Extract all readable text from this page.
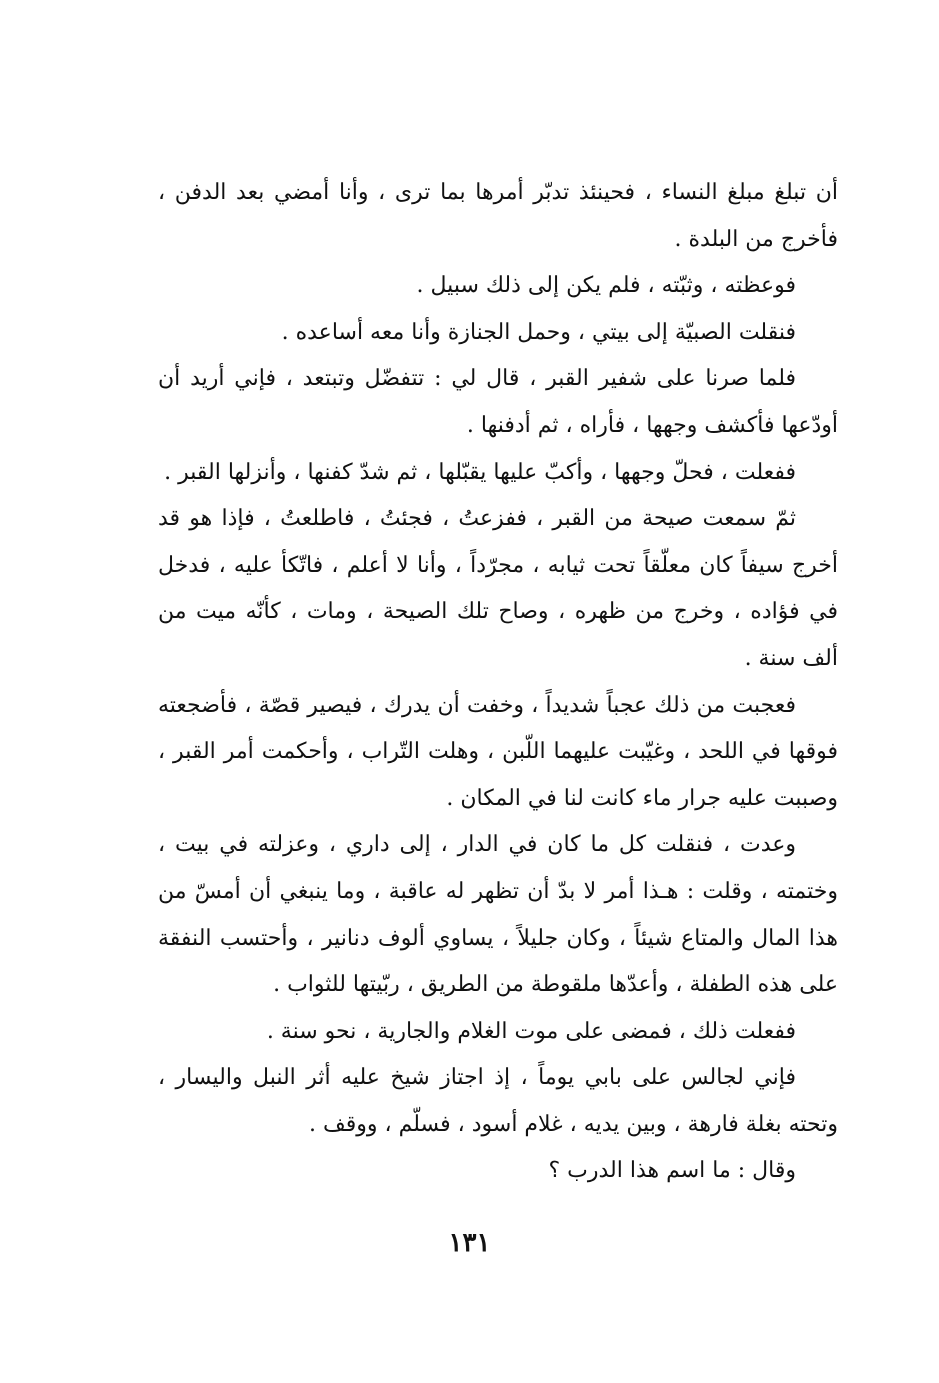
أن تبلغ مبلغ النساء ، فحينئذ تدبّر أمرها بما ترى ، وأنا أمضي بعد الدفن ، فأخرج من البلدة .

فوعظته ، وثبّته ، فلم يكن إلى ذلك سبيل .

فنقلت الصبيّة إلى بيتي ، وحمل الجنازة وأنا معه أساعده .

فلما صرنا على شفير القبر ، قال لي : تتفضّل وتبتعد ، فإني أريد أن أودّعها فأكشف وجهها ، فأراه ، ثم أدفنها .

ففعلت ، فحلّ وجهها ، وأكبّ عليها يقبّلها ، ثم شدّ كفنها ، وأنزلها القبر .

ثمّ سمعت صيحة من القبر ، ففزعتُ ، فجئتُ ، فاطلعتُ ، فإذا هو قد أخرج سيفاً كان معلّقاً تحت ثيابه ، مجرّداً ، وأنا لا أعلم ، فاتّكأ عليه ، فدخل في فؤاده ، وخرج من ظهره ، وصاح تلك الصيحة ، ومات ، كأنّه ميت من ألف سنة .

فعجبت من ذلك عجباً شديداً ، وخفت أن يدرك ، فيصير قصّة ، فأضجعته فوقها في اللحد ، وغيّبت عليهما اللّبن ، وهلت التّراب ، وأحكمت أمر القبر ، وصببت عليه جرار ماء كانت لنا في المكان .

وعدت ، فنقلت كل ما كان في الدار ، إلى داري ، وعزلته في بيت ، وختمته ، وقلت : هـذا أمر لا بدّ أن تظهر له عاقبة ، وما ينبغي أن أمسّ من هذا المال والمتاع شيئاً ، وكان جليلاً ، يساوي ألوف دنانير ، وأحتسب النفقة على هذه الطفلة ، وأعدّها ملقوطة من الطريق ، ربّيتها للثواب .

ففعلت ذلك ، فمضى على موت الغلام والجارية ، نحو سنة .

فإني لجالس على بابي يوماً ، إذ اجتاز شيخ عليه أثر النبل واليسار ، وتحته بغلة فارهة ، وبين يديه ، غلام أسود ، فسلّم ، ووقف .

وقال : ما اسم هذا الدرب ؟

١٣١
